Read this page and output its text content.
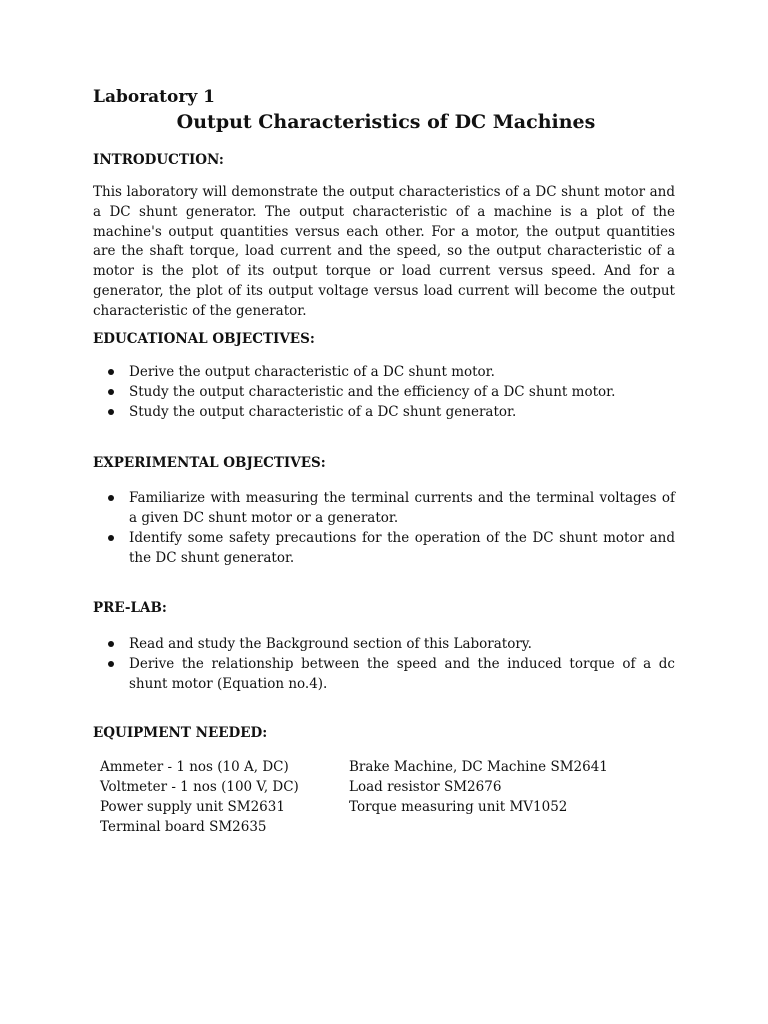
Laboratory 1
Output Characteristics of DC Machines
INTRODUCTION:

This laboratory will demonstrate the output characteristics of a DC shunt motor and a DC shunt generator. The output characteristic of a machine is a plot of the machine's output quantities versus each other. For a motor, the output quantities are the shaft torque, load current and the speed, so the output characteristic of a motor is the plot of its output torque or load current versus speed. And for a generator, the plot of its output voltage versus load current will become the output characteristic of the generator.

EDUCATIONAL OBJECTIVES:
Derive the output characteristic of a DC shunt motor.
Study the output characteristic and the efficiency of a DC shunt motor.
Study the output characteristic of a DC shunt generator.
EXPERIMENTAL OBJECTIVES:
Familiarize with measuring the terminal currents and the terminal voltages of a given DC shunt motor or a generator.
Identify some safety precautions for the operation of the DC shunt motor and the DC shunt generator.
PRE-LAB:
Read and study the Background section of this Laboratory.
Derive the relationship between the speed and the induced torque of a dc shunt motor (Equation no.4).
EQUIPMENT NEEDED:
Ammeter - 1 nos (10 A, DC)
Voltmeter - 1 nos (100 V, DC)
Power supply unit SM2631
Terminal board SM2635
Brake Machine, DC Machine SM2641
Load resistor SM2676
Torque measuring unit MV1052
